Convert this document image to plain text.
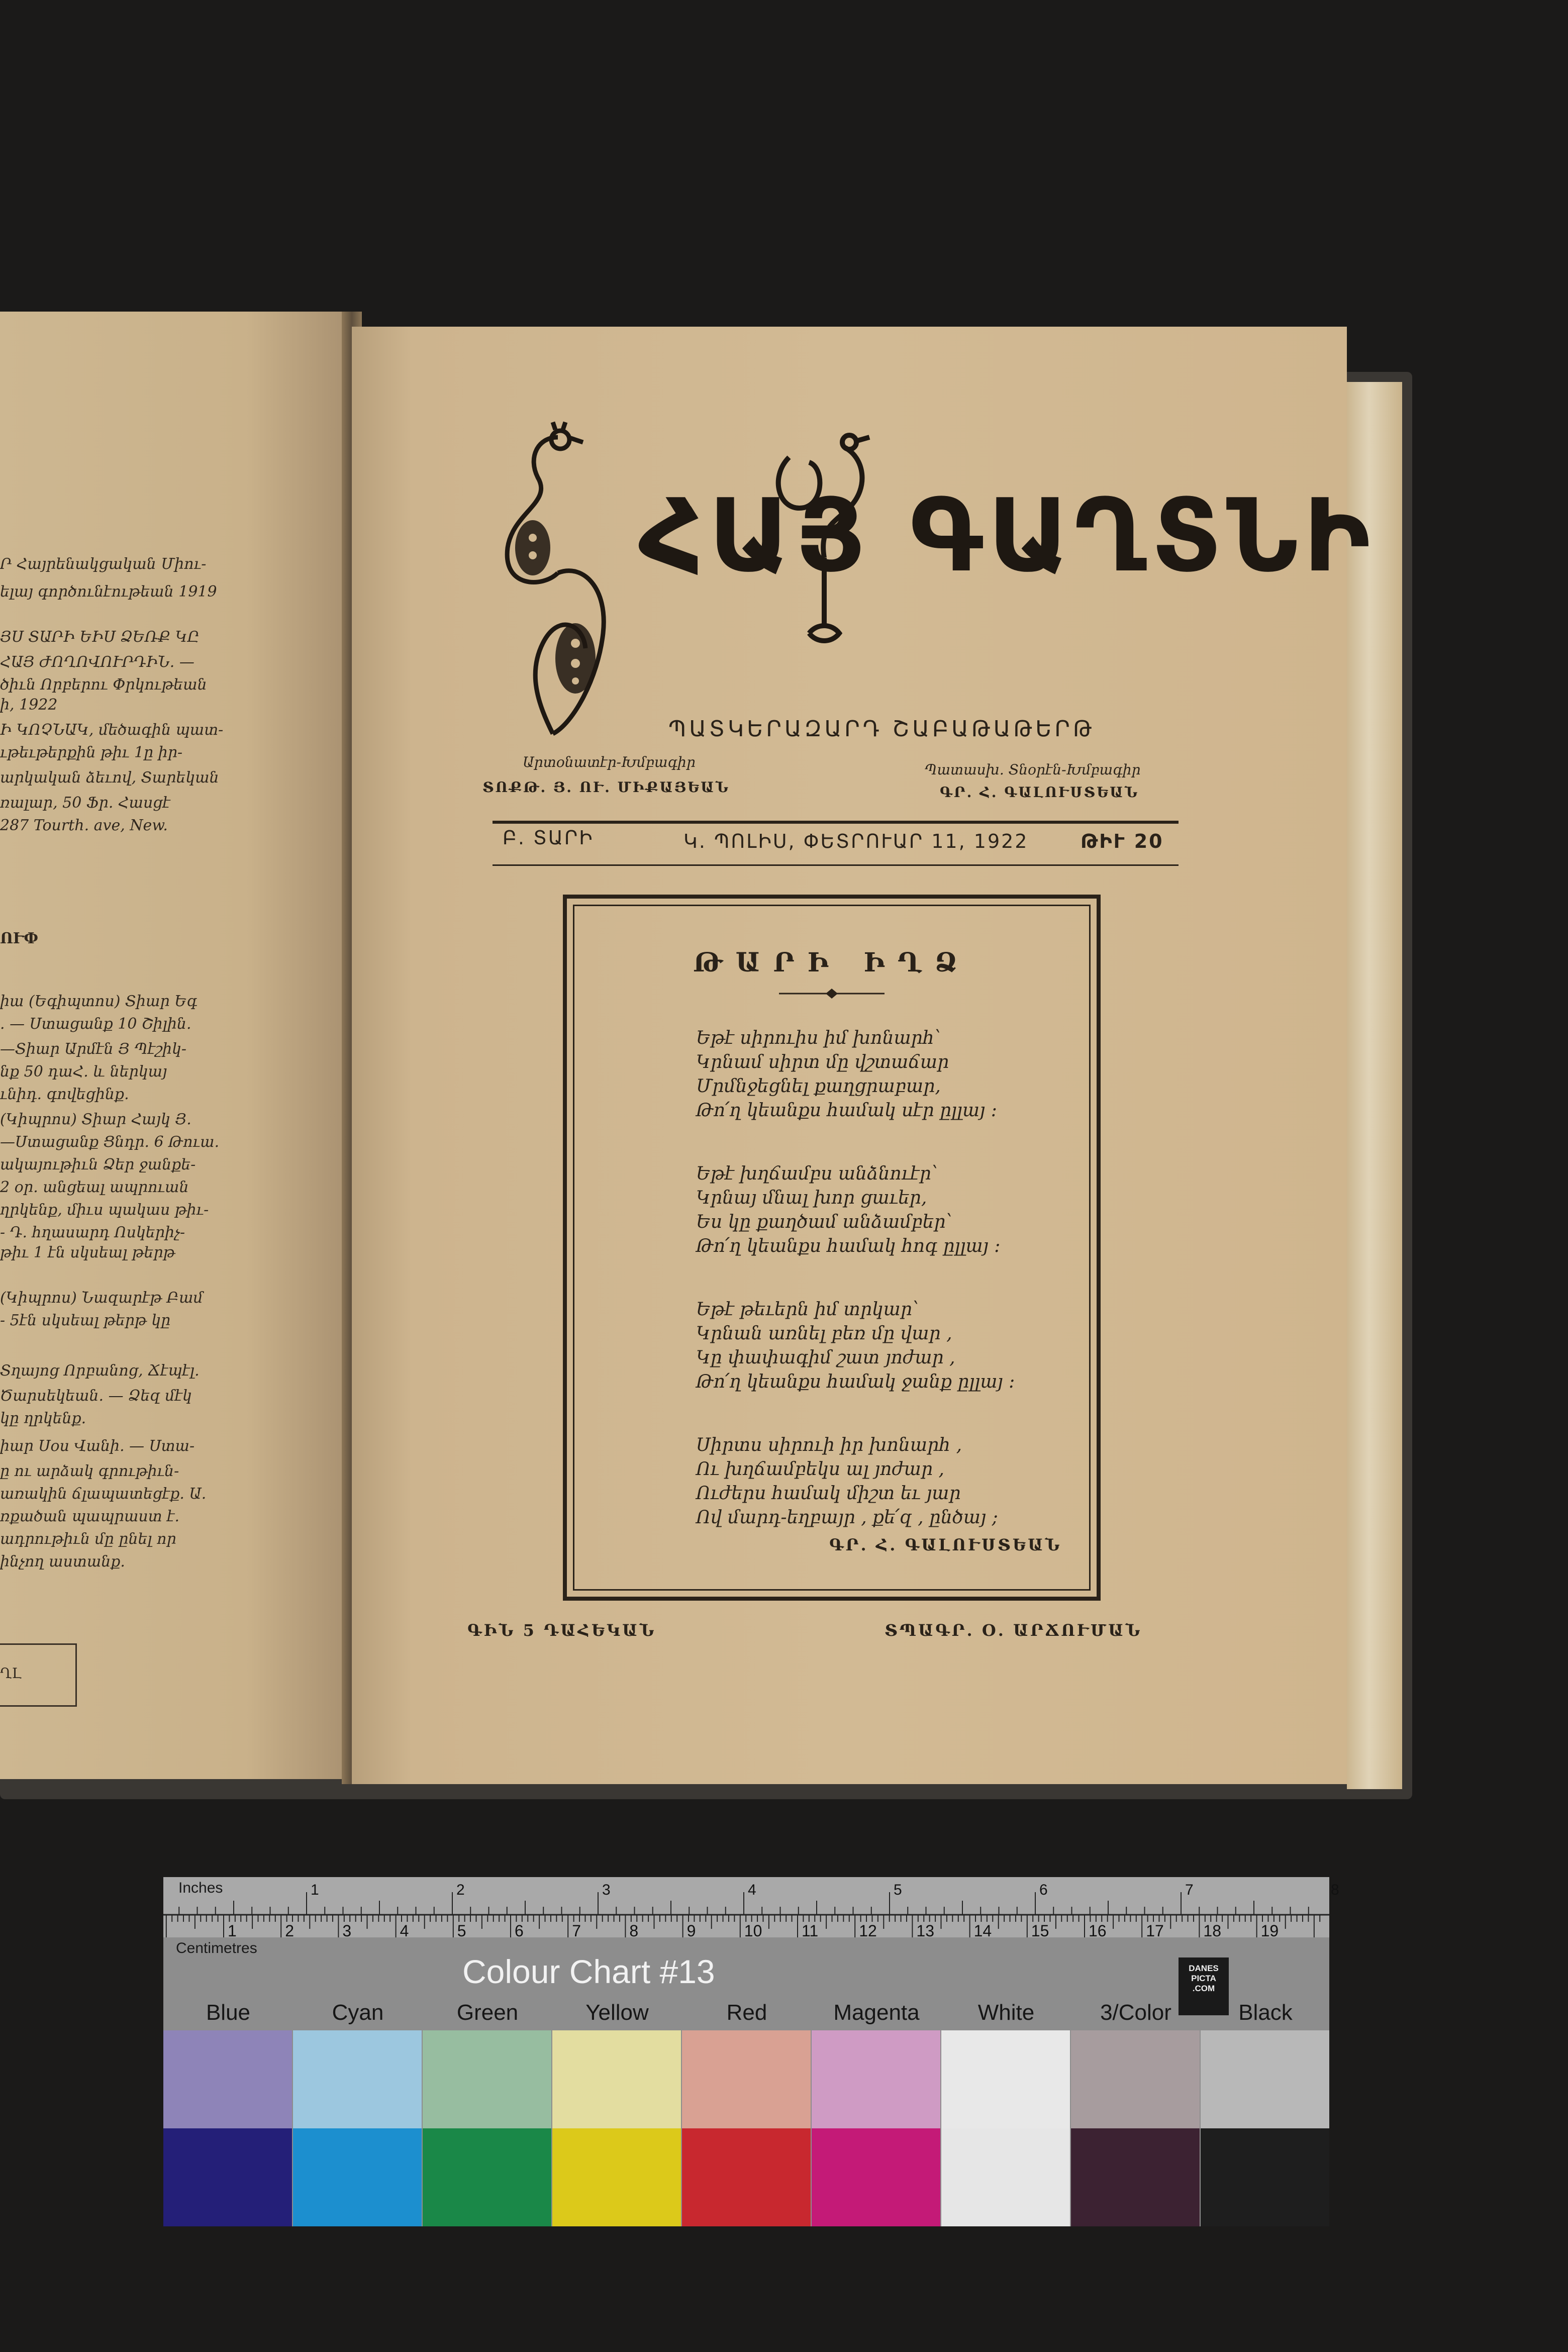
Ր Հայրենակցական Միու-
ելայ գործունէութեան 1919
ՅՍ ՏԱՐԻ ԵԻՍ ՁԵՌՔ ԿԸ
ՀԱՅ ԺՈՂՈՎՈՒՐԴԻՆ. —
ծիւն Որբերու Փրկութեան
ի, 1922
Ի ԿՈՉՆԱԿ, մեծագին պատ-
ւթեւթերքին թիւ 1ը իր-
արկական ձեւով, Տարեկան
ռալար, 50 Ֆր. Հասցէ
287 Tourth. ave, New.
ՈՒՓ
իա (Եգիպտոս) Տիար Եգ
. — Ստացանք 10 Շիլին.
—Տիար Արմէն Յ Պէշիկ-
նք 50 դաՀ. և ներկայ
ւնիդ. գովեցինք.
(Կիպրոս) Տիար Հայկ Յ.
—Ստացանք Ցնդր. 6 Թուա.
ակայութիւն Ձեր ջանքե-
2 օր. անցեալ ապրուան
ղրկենք, միւս պակաս թիւ-
- Դ. հղասարդ Ոսկերիչ-
թիւ 1 էն սկսեալ թերթ
(Կիպրոս) Նազարէթ Բամ
- 5էն սկսեալ թերթ կը
Տղայոց Որբանոց, Ճէպէլ.
Ծարսեկեան. — Ձեզ մէկ
կը ղրկենք.
իար Սօս Վանի. — Ստա-
ը ու արձակ գրութիւն-
առակին ճլապատեցէք. Ա.
ռքածան պապրաստ է.
ադրութիւն մը ընել որ
ինչող աստանք.
ՂԼ
ՀԱՅ ԳԱՂՏՆԻ
ՊԱՏԿԵՐԱԶԱՐԴ ՇԱԲԱԹԱԹԵՐԹ
Արտօնատէր-Խմբագիր
ՏՈՔԹ. Յ. ՈՒ. ՄԻՔԱՅԵԱՆ
Պատասխ. Տնօրէն-Խմբագիր
ԳՐ. Հ. ԳԱԼՈՒՍՏԵԱՆ
Բ. ՏԱՐԻ	Կ. ՊՈԼԻՍ, ՓԵՏՐՈՒԱՐ 11, 1922	ԹԻՒ 20
ԹԱՐԻ ԻՂՁ
Եթէ սիրուիս իմ խոնարհ՝
Կրնամ սիրտ մը վշտաճար
Մրմնջեցնել քաղցրաբար,
Թո՛ղ կեանքս համակ սէր ըլլայ :
Եթէ խղճամբս անձնուէր՝
Կրնայ մնալ խոր ցաւեր,
Ես կը քաղծամ անձամբեր՝
Թո՛ղ կեանքս համակ հոգ ըլլայ :
Եթէ թեւերն իմ տրկար՝
Կրնան առնել բեռ մը վար ,
Կը փափագիմ շատ յոժար ,
Թո՛ղ կեանքս համակ ջանք ըլլայ :
Սիրտս սիրուի իր խոնարհ ,
Ու խղճամբեկս ալ յոժար ,
Ուժերս համակ միշտ եւ յար
Ով մարդ-եղբայր , քե՛զ , ընծայ ;
ԳՐ. Հ. ԳԱԼՈՒՍՏԵԱՆ
ԳԻՆ 5 ԴԱՀԵԿԱՆ	ՏՊԱԳՐ. Օ. ԱՐՃՈՒՄԱՆ
Inches
Centimetres
1	2	3	4	5	6	7	8
1	2	3	4	5	6	7	8	9	10 11	12 13 14 15 16 17 18 19
Colour Chart #13	DANES
PICTA
.COM
Blue	Cyan	Green	Yellow	Red	Magenta	White	3/Color	Black
